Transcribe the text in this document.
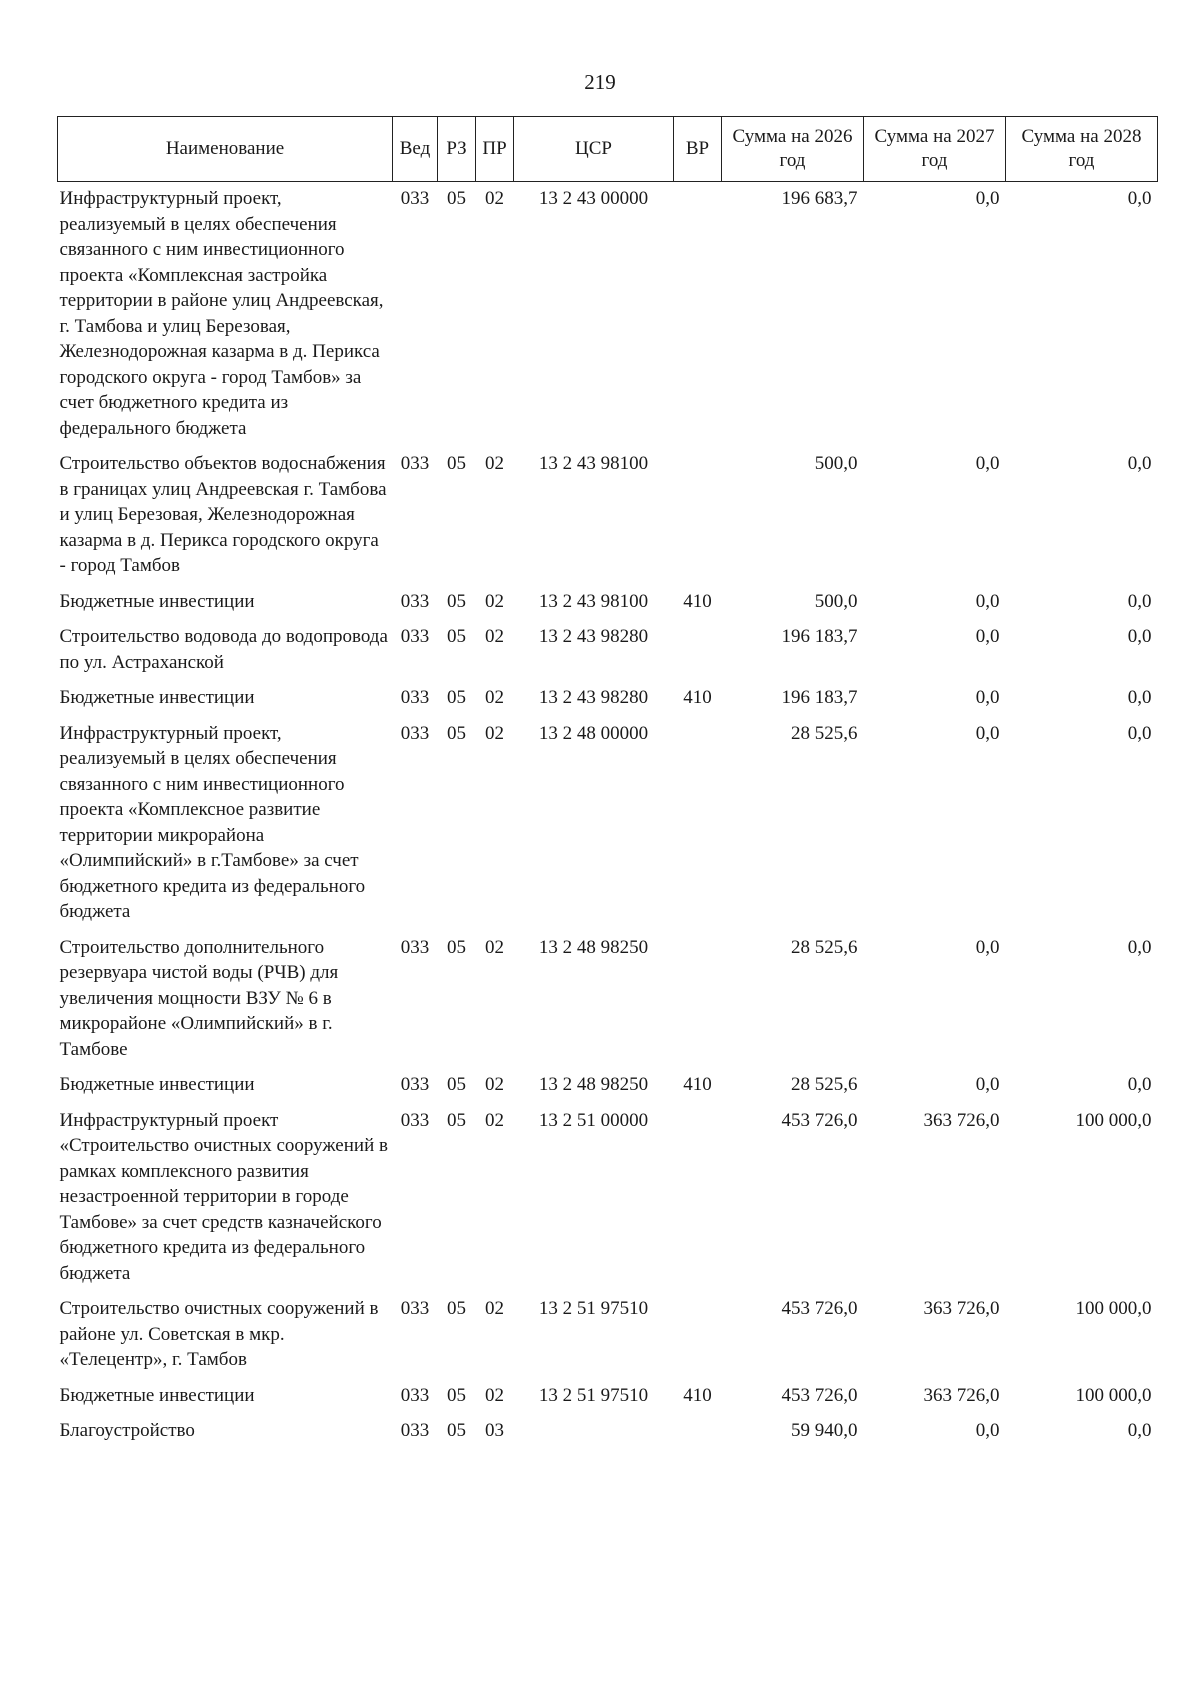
219
Наименование	Вед	РЗ	ПР	ЦСР	ВР	Сумма на 2026 год	Сумма на 2027 год	Сумма на 2028 год
Инфраструктурный проект, реализуемый в целях обеспечения связанного с ним инвестиционного проекта «Комплексная застройка территории в районе улиц Андреевская, г. Тамбова и улиц Березовая, Железнодорожная казарма в д. Перикса городского округа - город Тамбов» за счет бюджетного кредита из федерального бюджета	033	05	02	13 2 43 00000		196 683,7	0,0	0,0
Строительство объектов водоснабжения в границах улиц Андреевская г. Тамбова и улиц Березовая, Железнодорожная казарма в д. Перикса городского округа - город Тамбов	033	05	02	13 2 43 98100		500,0	0,0	0,0
Бюджетные инвестиции	033	05	02	13 2 43 98100	410	500,0	0,0	0,0
Строительство водовода до водопровода по ул. Астраханской	033	05	02	13 2 43 98280		196 183,7	0,0	0,0
Бюджетные инвестиции	033	05	02	13 2 43 98280	410	196 183,7	0,0	0,0
Инфраструктурный проект, реализуемый в целях обеспечения связанного с ним инвестиционного проекта «Комплексное развитие территории микрорайона «Олимпийский» в г.Тамбове» за счет бюджетного кредита из федерального бюджета	033	05	02	13 2 48 00000		28 525,6	0,0	0,0
Строительство дополнительного резервуара чистой воды (РЧВ) для увеличения мощности ВЗУ № 6 в микрорайоне «Олимпийский» в г. Тамбове	033	05	02	13 2 48 98250		28 525,6	0,0	0,0
Бюджетные инвестиции	033	05	02	13 2 48 98250	410	28 525,6	0,0	0,0
Инфраструктурный проект «Строительство очистных сооружений в рамках комплексного развития незастроенной территории в городе Тамбове» за счет средств казначейского бюджетного кредита из федерального бюджета	033	05	02	13 2 51 00000		453 726,0	363 726,0	100 000,0
Строительство очистных сооружений в районе ул. Советская в мкр. «Телецентр», г. Тамбов	033	05	02	13 2 51 97510		453 726,0	363 726,0	100 000,0
Бюджетные инвестиции	033	05	02	13 2 51 97510	410	453 726,0	363 726,0	100 000,0
Благоустройство	033	05	03			59 940,0	0,0	0,0
